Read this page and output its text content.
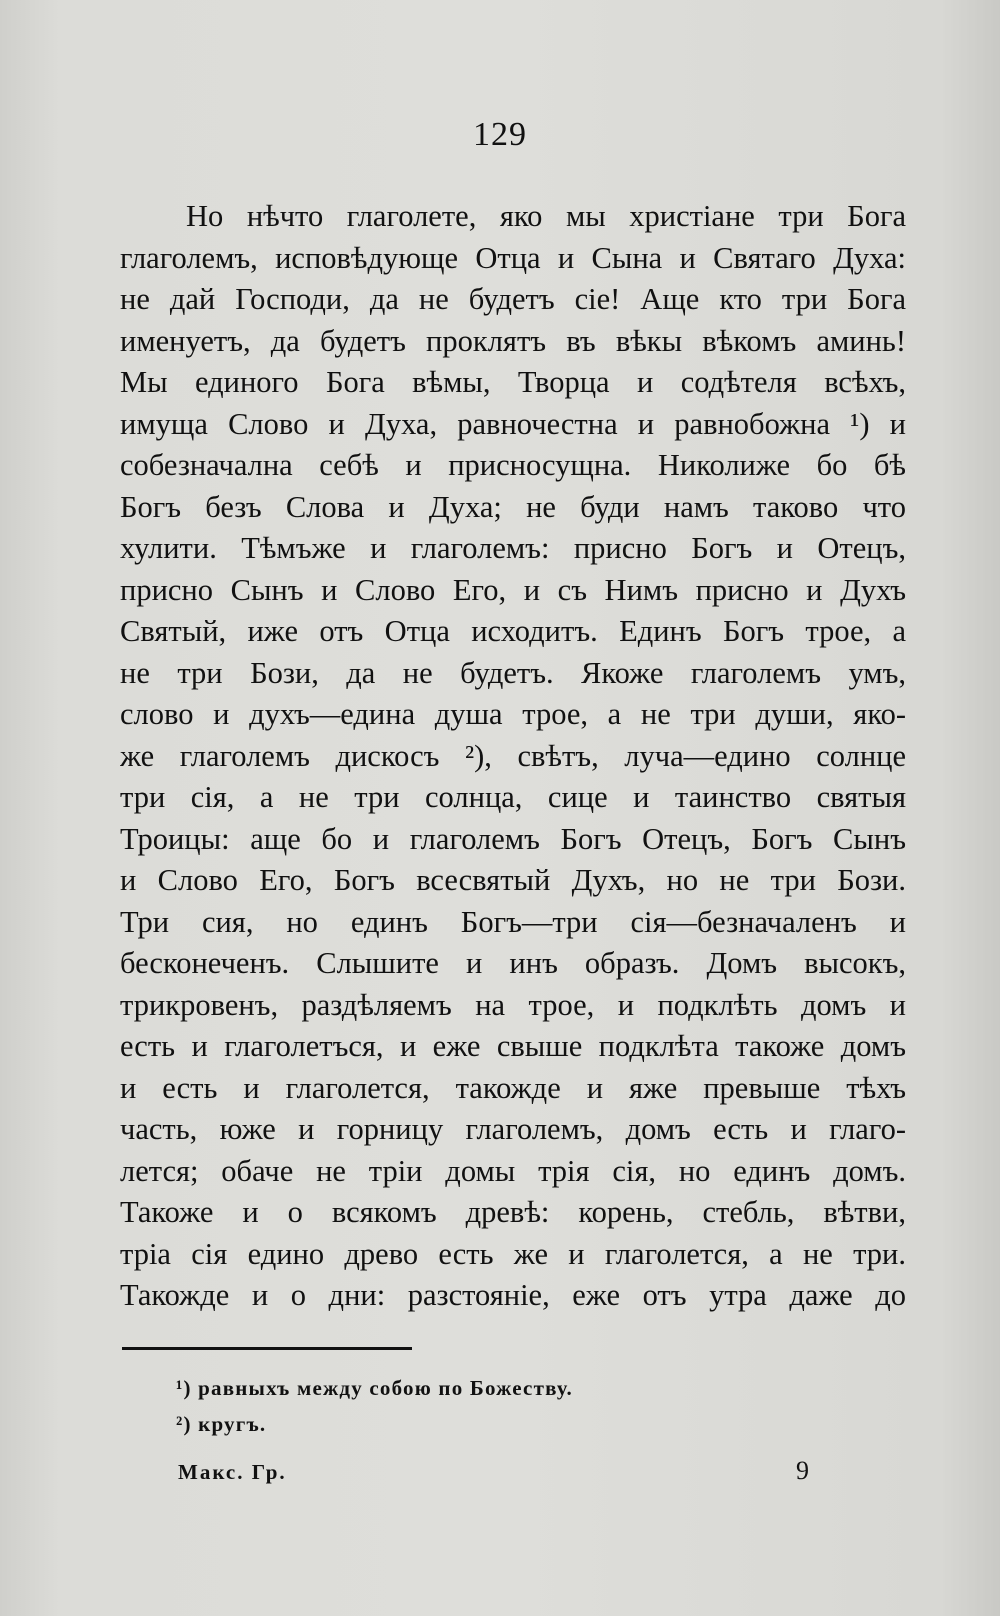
129
Но нѣчто глаголете, яко мы христіане три Бога
глаголемъ, исповѣдующе Отца и Сына и Святаго Духа:
не дай Господи, да не будетъ сіе! Аще кто три Бога
именуетъ, да будетъ проклятъ въ вѣкы вѣкомъ аминь!
Мы единого Бога вѣмы, Творца и содѣтеля всѣхъ,
имуща Слово и Духа, равночестна и равнобожна ¹) и
собезначална себѣ и присносущна. Николиже бо бѣ
Богъ безъ Слова и Духа; не буди намъ таково что
хулити. Тѣмъже и глаголемъ: присно Богъ и Отецъ,
присно Сынъ и Слово Его, и съ Нимъ присно и Духъ
Святый, иже отъ Отца исходитъ. Единъ Богъ трое, а
не три Бози, да не будетъ. Якоже глаголемъ умъ,
слово и духъ—едина душа трое, а не три души, яко-
же глаголемъ дискосъ ²), свѣтъ, луча—едино солнце
три сія, а не три солнца, сице и таинство святыя
Троицы: аще бо и глаголемъ Богъ Отецъ, Богъ Сынъ
и Слово Его, Богъ всесвятый Духъ, но не три Бози.
Три сия, но единъ Богъ—три сія—безначаленъ и
бесконеченъ. Слышите и инъ образъ. Домъ высокъ,
трикровенъ, раздѣляемъ на трое, и подклѣть домъ и
есть и глаголетъся, и еже свыше подклѣта такоже домъ
и есть и глаголется, такожде и яже превыше тѣхъ
часть, юже и горницу глаголемъ, домъ есть и глаго-
лется; обаче не тріи домы трія сія, но единъ домъ.
Такоже и о всякомъ древѣ: корень, стебль, вѣтви,
тріа сія едино древо есть же и глаголется, а не три.
Такожде и о дни: разстояніе, еже отъ утра даже до
¹) равныхъ между собою по Божеству.
²) кругъ.
Макс. Гр.	9
